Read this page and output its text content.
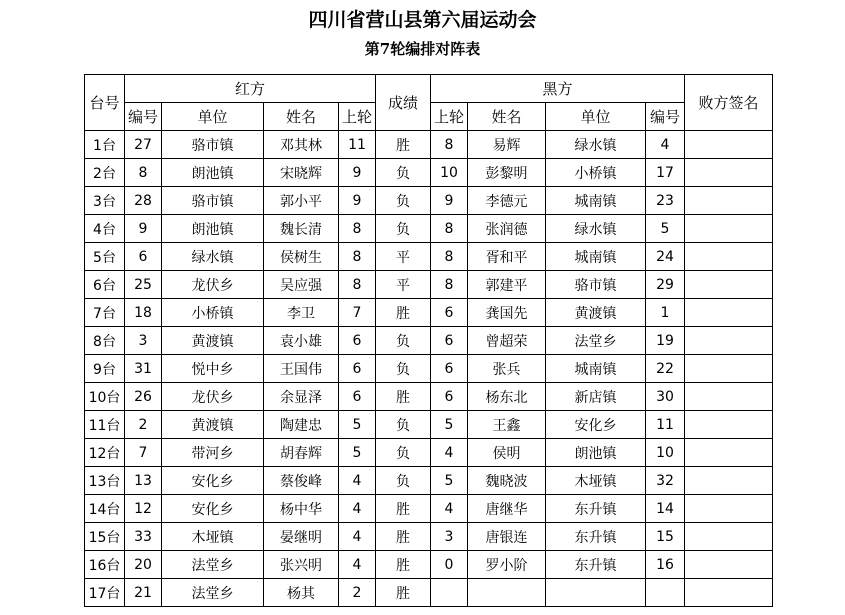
四川省营山县第六届运动会
第7轮编排对阵表
台号	红方				成绩	黑方				败方签名
	编号	单位	姓名	上轮		上轮	姓名	单位	编号	
1台	27	骆市镇	邓其林	11	胜	8	易辉	绿水镇	4	
2台	8	朗池镇	宋晓辉	9	负	10	彭黎明	小桥镇	17	
3台	28	骆市镇	郭小平	9	负	9	李德元	城南镇	23	
4台	9	朗池镇	魏长清	8	负	8	张润德	绿水镇	5	
5台	6	绿水镇	侯树生	8	平	8	胥和平	城南镇	24	
6台	25	龙伏乡	吴应强	8	平	8	郭建平	骆市镇	29	
7台	18	小桥镇	李卫	7	胜	6	龚国先	黄渡镇	1	
8台	3	黄渡镇	袁小雄	6	负	6	曾超荣	法堂乡	19	
9台	31	悦中乡	王国伟	6	负	6	张兵	城南镇	22	
10台	26	龙伏乡	余显泽	6	胜	6	杨东北	新店镇	30	
11台	2	黄渡镇	陶建忠	5	负	5	王鑫	安化乡	11	
12台	7	带河乡	胡春辉	5	负	4	侯明	朗池镇	10	
13台	13	安化乡	蔡俊峰	4	负	5	魏晓波	木垭镇	32	
14台	12	安化乡	杨中华	4	胜	4	唐继华	东升镇	14	
15台	33	木垭镇	晏继明	4	胜	3	唐银连	东升镇	15	
16台	20	法堂乡	张兴明	4	胜	0	罗小阶	东升镇	16	
17台	21	法堂乡	杨其	2	胜					
